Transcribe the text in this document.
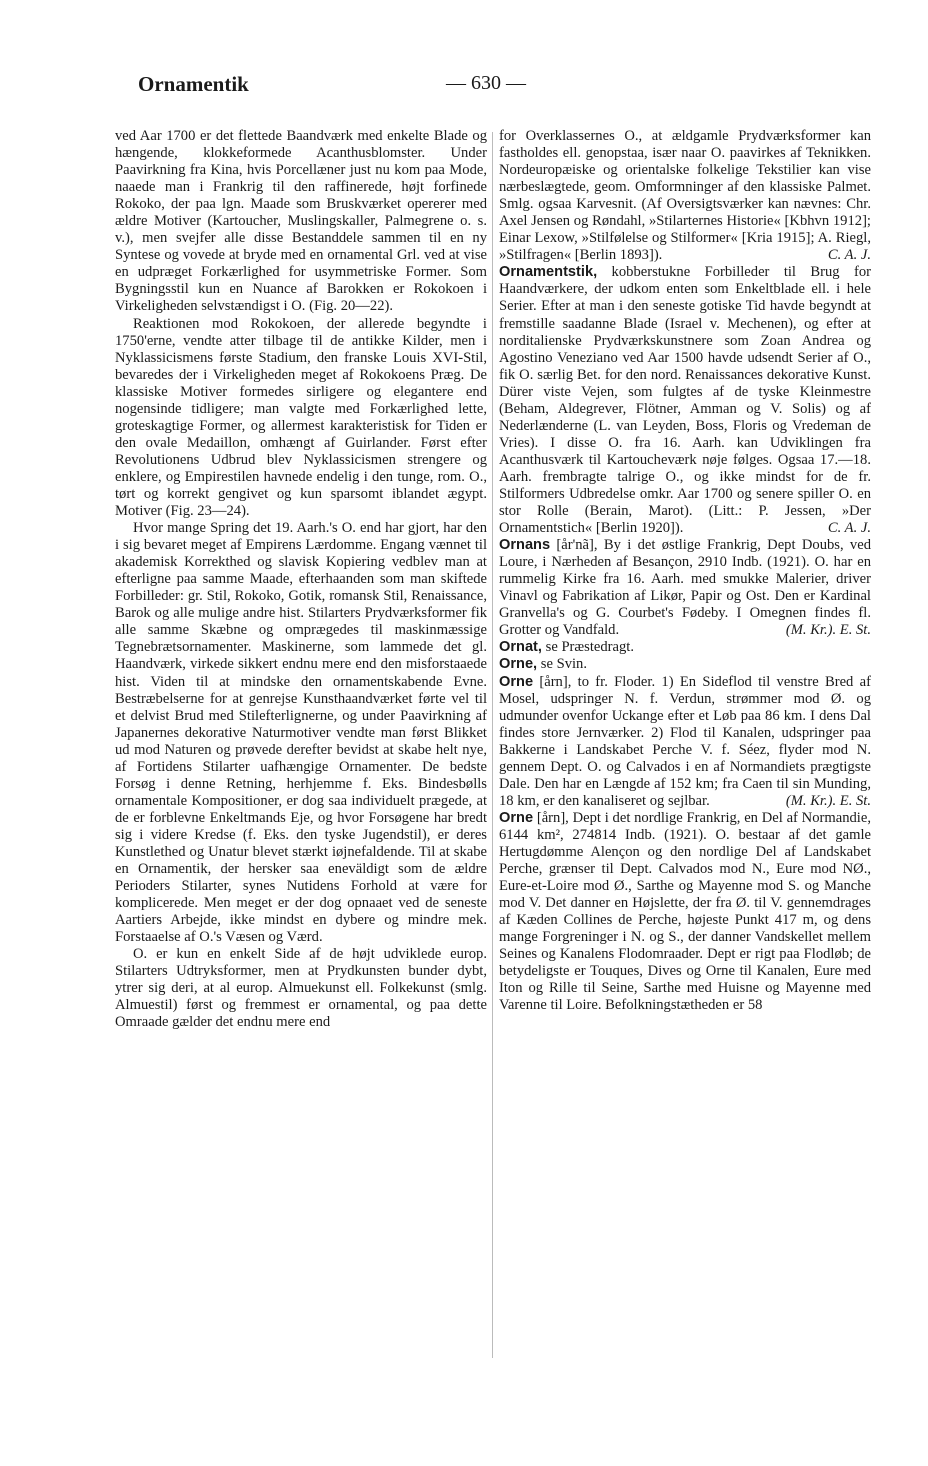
Ornamentik	— 630 —

ved Aar 1700 er det flettede Baandværk med enkelte Blade og hængende, klokkeformede Acanthusblomster. Under Paavirkning fra Kina, hvis Porcellæner just nu kom paa Mode, naaede man i Frankrig til den raffinerede, højt forfinede Rokoko, der paa lgn. Maade som Bruskværket opererer med ældre Motiver (Kartoucher, Muslingskaller, Palmegrene o. s. v.), men svejfer alle disse Bestanddele sammen til en ny Syntese og vovede at bryde med en ornamental Grl. ved at vise en udpræget Forkærlighed for usymmetriske Former. Som Bygningsstil kun en Nuance af Barokken er Rokokoen i Virkeligheden selvstændigst i O. (Fig. 20—22).

Reaktionen mod Rokokoen, der allerede begyndte i 1750'erne, vendte atter tilbage til de antikke Kilder, men i Nyklassicismens første Stadium, den franske Louis XVI-Stil, bevaredes der i Virkeligheden meget af Rokokoens Præg. De klassiske Motiver formedes sirligere og elegantere end nogensinde tidligere; man valgte med Forkærlighed lette, groteskagtige Former, og allermest karakteristisk for Tiden er den ovale Medaillon, omhængt af Guirlander. Først efter Revolutionens Udbrud blev Nyklassicismen strengere og enklere, og Empirestilen havnede endelig i den tunge, rom. O., tørt og korrekt gengivet og kun sparsomt iblandet ægypt. Motiver (Fig. 23—24).

Hvor mange Spring det 19. Aarh.'s O. end har gjort, har den i sig bevaret meget af Empirens Lærdomme. Engang vænnet til akademisk Korrekthed og slavisk Kopiering vedblev man at efterligne paa samme Maade, efterhaanden som man skiftede Forbilleder: gr. Stil, Rokoko, Gotik, romansk Stil, Renaissance, Barok og alle mulige andre hist. Stilarters Prydværksformer fik alle samme Skæbne og omprægedes til maskinmæssige Tegnebrætsornamenter. Maskinerne, som lammede det gl. Haandværk, virkede sikkert endnu mere end den misforstaaede hist. Viden til at mindske den ornamentskabende Evne. Bestræbelserne for at genrejse Kunsthaandværket førte vel til et delvist Brud med Stilefterlignerne, og under Paavirkning af Japanernes dekorative Naturmotiver vendte man først Blikket ud mod Naturen og prøvede derefter bevidst at skabe helt nye, af Fortidens Stilarter uafhængige Ornamenter. De bedste Forsøg i denne Retning, herhjemme f. Eks. Bindesbølls ornamentale Kompositioner, er dog saa individuelt prægede, at de er forblevne Enkeltmands Eje, og hvor Forsøgene har bredt sig i videre Kredse (f. Eks. den tyske Jugendstil), er deres Kunstlethed og Unatur blevet stærkt iøjnefaldende. Til at skabe en Ornamentik, der hersker saa eneväldigt som de ældre Perioders Stilarter, synes Nutidens Forhold at være for komplicerede. Men meget er der dog opnaaet ved de seneste Aartiers Arbejde, ikke mindst en dybere og mindre mek. Forstaaelse af O.'s Væsen og Værd.

O. er kun en enkelt Side af de højt udviklede europ. Stilarters Udtryksformer, men at Prydkunsten bunder dybt, ytrer sig deri, at al europ. Almuekunst ell. Folkekunst (smlg. Almuestil) først og fremmest er ornamental, og paa dette Omraade gælder det endnu mere end

for Overklassernes O., at ældgamle Prydværksformer kan fastholdes ell. genopstaa, især naar O. paavirkes af Teknikken. Nordeuropæiske og orientalske folkelige Tekstilier kan vise nærbeslægtede, geom. Omformninger af den klassiske Palmet. Smlg. ogsaa Karvesnit. (Af Oversigtsværker kan nævnes: Chr. Axel Jensen og Røndahl, »Stilarternes Historie« [Kbhvn 1912]; Einar Lexow, »Stilfølelse og Stilformer« [Kria 1915]; A. Riegl, »Stilfragen« [Berlin 1893]).	C. A. J.

Ornamentstik, kobberstukne Forbilleder til Brug for Haandværkere, der udkom enten som Enkeltblade ell. i hele Serier. Efter at man i den seneste gotiske Tid havde begyndt at fremstille saadanne Blade (Israel v. Mechenen), og efter at norditalienske Prydværkskunstnere som Zoan Andrea og Agostino Veneziano ved Aar 1500 havde udsendt Serier af O., fik O. særlig Bet. for den nord. Renaissances dekorative Kunst. Dürer viste Vejen, som fulgtes af de tyske Kleinmestre (Beham, Aldegrever, Flötner, Amman og V. Solis) og af Nederlænderne (L. van Leyden, Boss, Floris og Vredeman de Vries). I disse O. fra 16. Aarh. kan Udviklingen fra Acanthusværk til Kartoucheværk nøje følges. Ogsaa 17.—18. Aarh. frembragte talrige O., og ikke mindst for de fr. Stilformers Udbredelse omkr. Aar 1700 og senere spiller O. en stor Rolle (Berain, Marot). (Litt.: P. Jessen, »Der Ornamentstich« [Berlin 1920]).	C. A. J.

Ornans [år'nã], By i det østlige Frankrig, Dept Doubs, ved Loure, i Nærheden af Besançon, 2910 Indb. (1921). O. har en rummelig Kirke fra 16. Aarh. med smukke Malerier, driver Vinavl og Fabrikation af Likør, Papir og Ost. Den er Kardinal Granvella's og G. Courbet's Fødeby. I Omegnen findes fl. Grotter og Vandfald.	(M. Kr.). E. St.

Ornat, se Præstedragt.

Orne, se Svin.

Orne [årn], to fr. Floder. 1) En Sideflod til venstre Bred af Mosel, udspringer N. f. Verdun, strømmer mod Ø. og udmunder ovenfor Uckange efter et Løb paa 86 km. I dens Dal findes store Jernværker. 2) Flod til Kanalen, udspringer paa Bakkerne i Landskabet Perche V. f. Séez, flyder mod N. gennem Dept. O. og Calvados i en af Normandiets prægtigste Dale. Den har en Længde af 152 km; fra Caen til sin Munding, 18 km, er den kanaliseret og sejlbar.	(M. Kr.). E. St.

Orne [årn], Dept i det nordlige Frankrig, en Del af Normandie, 6144 km², 274814 Indb. (1921). O. bestaar af det gamle Hertugdømme Alençon og den nordlige Del af Landskabet Perche, grænser til Dept. Calvados mod N., Eure mod NØ., Eure-et-Loire mod Ø., Sarthe og Mayenne mod S. og Manche mod V. Det danner en Højslette, der fra Ø. til V. gennemdrages af Kæden Collines de Perche, højeste Punkt 417 m, og dens mange Forgreninger i N. og S., der danner Vandskellet mellem Seines og Kanalens Flodomraader. Dept er rigt paa Flodløb; de betydeligste er Touques, Dives og Orne til Kanalen, Eure med Iton og Rille til Seine, Sarthe med Huisne og Mayenne med Varenne til Loire. Befolkningstætheden er 58
